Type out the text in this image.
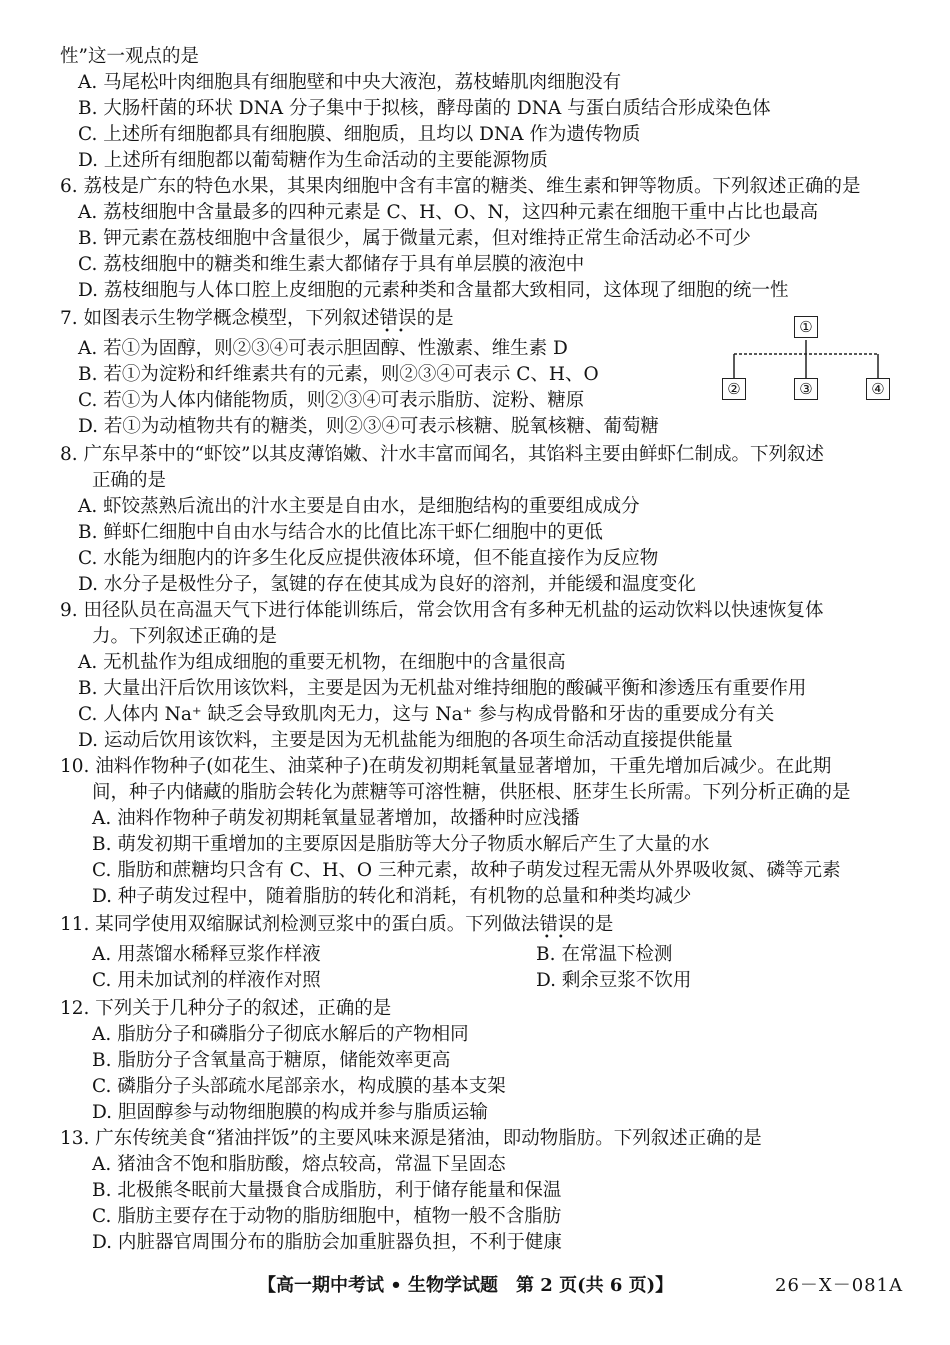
性”这一观点的是
A. 马尾松叶肉细胞具有细胞壁和中央大液泡，荔枝蝽肌肉细胞没有
B. 大肠杆菌的环状 DNA 分子集中于拟核，酵母菌的 DNA 与蛋白质结合形成染色体
C. 上述所有细胞都具有细胞膜、细胞质，且均以 DNA 作为遗传物质
D. 上述所有细胞都以葡萄糖作为生命活动的主要能源物质
6. 荔枝是广东的特色水果，其果肉细胞中含有丰富的糖类、维生素和钾等物质。下列叙述正确的是
A. 荔枝细胞中含量最多的四种元素是 C、H、O、N，这四种元素在细胞干重中占比也最高
B. 钾元素在荔枝细胞中含量很少，属于微量元素，但对维持正常生命活动必不可少
C. 荔枝细胞中的糖类和维生素大都储存于具有单层膜的液泡中
D. 荔枝细胞与人体口腔上皮细胞的元素种类和含量都大致相同，这体现了细胞的统一性
7. 如图表示生物学概念模型，下列叙述错误
••
的是
A. 若①为固醇，则②③④可表示胆固醇、性激素、维生素 D
B. 若①为淀粉和纤维素共有的元素，则②③④可表示 C、H、O
C. 若①为人体内储能物质，则②③④可表示脂肪、淀粉、糖原
D. 若①为动植物共有的糖类，则②③④可表示核糖、脱氧核糖、葡萄糖
①
②	③	④
8. 广东早茶中的“虾饺”以其皮薄馅嫩、汁水丰富而闻名，其馅料主要由鲜虾仁制成。下列叙述
正确的是
A. 虾饺蒸熟后流出的汁水主要是自由水，是细胞结构的重要组成成分
B. 鲜虾仁细胞中自由水与结合水的比值比冻干虾仁细胞中的更低
C. 水能为细胞内的许多生化反应提供液体环境，但不能直接作为反应物
D. 水分子是极性分子，氢键的存在使其成为良好的溶剂，并能缓和温度变化
9. 田径队员在高温天气下进行体能训练后，常会饮用含有多种无机盐的运动饮料以快速恢复体
力。下列叙述正确的是
A. 无机盐作为组成细胞的重要无机物，在细胞中的含量很高
B. 大量出汗后饮用该饮料，主要是因为无机盐对维持细胞的酸碱平衡和渗透压有重要作用
C. 人体内 Na⁺ 缺乏会导致肌肉无力，这与 Na⁺ 参与构成骨骼和牙齿的重要成分有关
D. 运动后饮用该饮料，主要是因为无机盐能为细胞的各项生命活动直接提供能量
10. 油料作物种子(如花生、油菜种子)在萌发初期耗氧量显著增加，干重先增加后减少。在此期
间，种子内储藏的脂肪会转化为蔗糖等可溶性糖，供胚根、胚芽生长所需。下列分析正确的是
A. 油料作物种子萌发初期耗氧量显著增加，故播种时应浅播
B. 萌发初期干重增加的主要原因是脂肪等大分子物质水解后产生了大量的水
C. 脂肪和蔗糖均只含有 C、H、O 三种元素，故种子萌发过程无需从外界吸收氮、磷等元素
D. 种子萌发过程中，随着脂肪的转化和消耗，有机物的总量和种类均减少
11. 某同学使用双缩脲试剂检测豆浆中的蛋白质。下列做法错误
••
的是
A. 用蒸馏水稀释豆浆作样液	B. 在常温下检测
C. 用未加试剂的样液作对照	D. 剩余豆浆不饮用
12. 下列关于几种分子的叙述，正确的是
A. 脂肪分子和磷脂分子彻底水解后的产物相同
B. 脂肪分子含氧量高于糖原，储能效率更高
C. 磷脂分子头部疏水尾部亲水，构成膜的基本支架
D. 胆固醇参与动物细胞膜的构成并参与脂质运输
13. 广东传统美食“猪油拌饭”的主要风味来源是猪油，即动物脂肪。下列叙述正确的是
A. 猪油含不饱和脂肪酸，熔点较高，常温下呈固态
B. 北极熊冬眠前大量摄食合成脂肪，利于储存能量和保温
C. 脂肪主要存在于动物的脂肪细胞中，植物一般不含脂肪
D. 内脏器官周围分布的脂肪会加重脏器负担，不利于健康
【高一期中考试 • 生物学试题　第 2 页(共 6 页)】	26－X－081A
